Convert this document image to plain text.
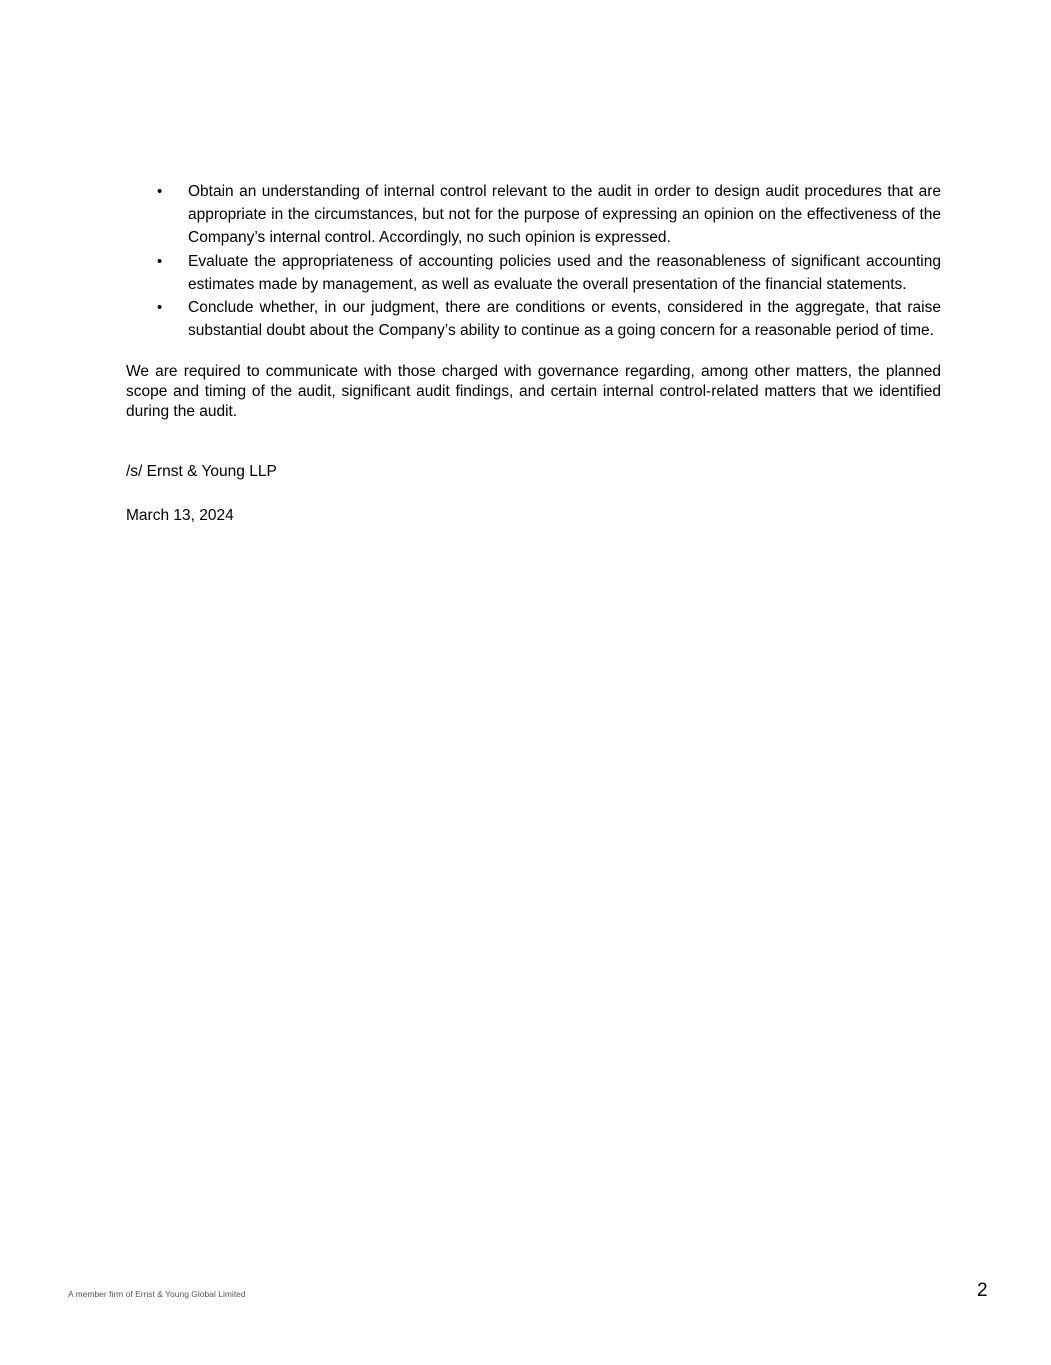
• Obtain an understanding of internal control relevant to the audit in order to design audit procedures that are appropriate in the circumstances, but not for the purpose of expressing an opinion on the effectiveness of the Company’s internal control. Accordingly, no such opinion is expressed.
• Evaluate the appropriateness of accounting policies used and the reasonableness of significant accounting estimates made by management, as well as evaluate the overall presentation of the financial statements.
• Conclude whether, in our judgment, there are conditions or events, considered in the aggregate, that raise substantial doubt about the Company’s ability to continue as a going concern for a reasonable period of time.

We are required to communicate with those charged with governance regarding, among other matters, the planned scope and timing of the audit, significant audit findings, and certain internal control-related matters that we identified during the audit.

/s/ Ernst & Young LLP

March 13, 2024

A member firm of Ernst & Young Global Limited	2
